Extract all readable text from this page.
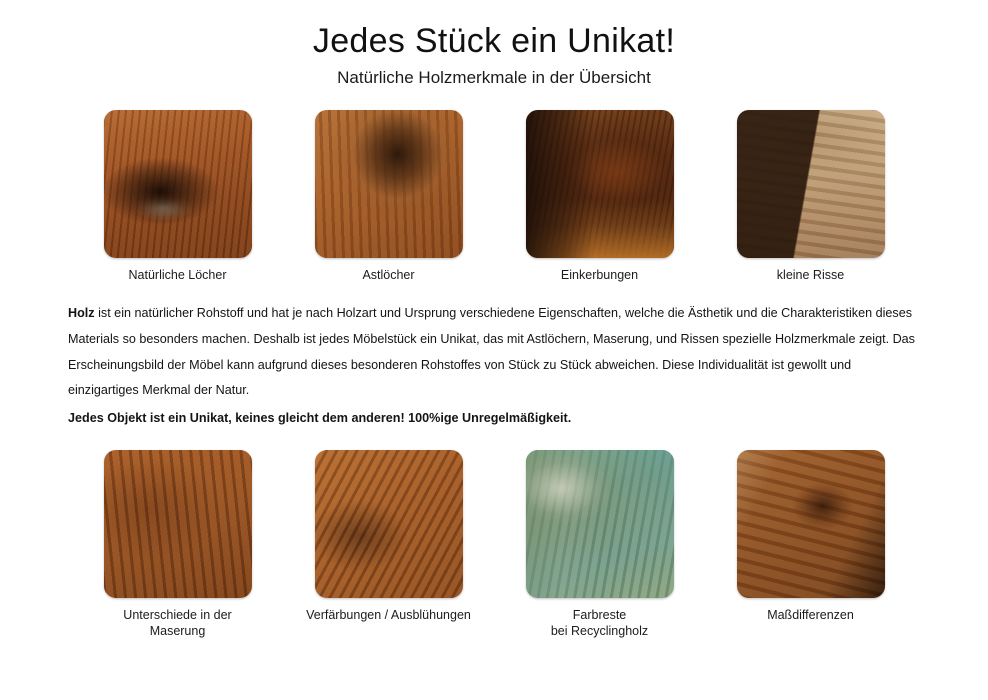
Jedes Stück ein Unikat!
Natürliche Holzmerkmale in der Übersicht
Natürliche Löcher	Astlöcher	Einkerbungen	kleine Risse

Holz ist ein natürlicher Rohstoff und hat je nach Holzart und Ursprung verschiedene Eigenschaften, welche die Ästhetik und die Charakteristiken dieses Materials so besonders machen. Deshalb ist jedes Möbelstück ein Unikat, das mit Astlöchern, Maserung, und Rissen spezielle Holzmerkmale zeigt. Das Erscheinungsbild der Möbel kann aufgrund dieses besonderen Rohstoffes von Stück zu Stück abweichen. Diese Individualität ist gewollt und einzigartiges Merkmal der Natur.

Jedes Objekt ist ein Unikat, keines gleicht dem anderen! 100%ige Unregelmäßigkeit.

Unterschiede in der
Maserung
Verfärbungen / Ausblühungen	Farbreste
bei Recyclingholz
Maßdifferenzen
